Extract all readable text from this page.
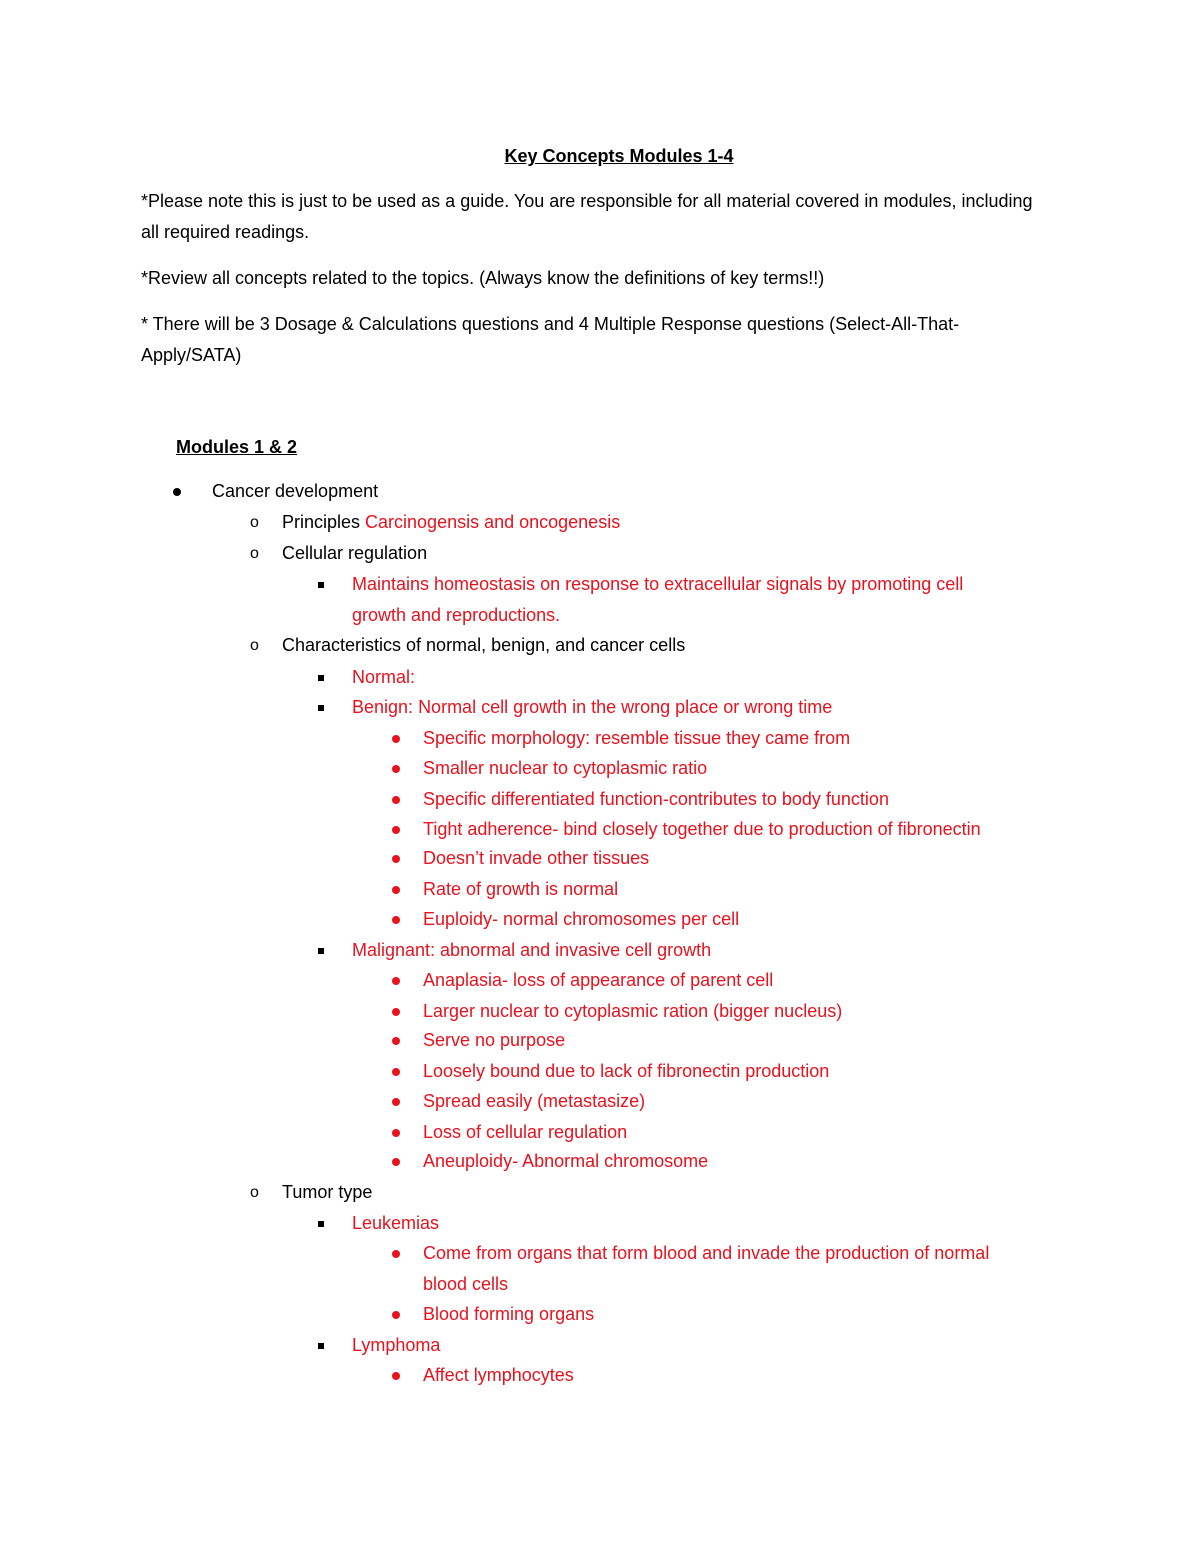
Key Concepts Modules 1-4

*Please note this is just to be used as a guide. You are responsible for all material covered in modules, including all required readings.

*Review all concepts related to the topics. (Always know the definitions of key terms!!)

* There will be 3 Dosage & Calculations questions and 4 Multiple Response questions (Select-All-That-Apply/SATA)

Modules 1 & 2
Cancer development
o Principles Carcinogensis and oncogenesis
o Cellular regulation
Maintains homeostasis on response to extracellular signals by promoting cell
growth and reproductions.
o Characteristics of normal, benign, and cancer cells
Normal:
Benign: Normal cell growth in the wrong place or wrong time
Specific morphology: resemble tissue they came from
Smaller nuclear to cytoplasmic ratio
Specific differentiated function-contributes to body function
Tight adherence- bind closely together due to production of fibronectin
Doesn’t invade other tissues
Rate of growth is normal
Euploidy- normal chromosomes per cell
Malignant: abnormal and invasive cell growth
Anaplasia- loss of appearance of parent cell
Larger nuclear to cytoplasmic ration (bigger nucleus)
Serve no purpose
Loosely bound due to lack of fibronectin production
Spread easily (metastasize)
Loss of cellular regulation
Aneuploidy- Abnormal chromosome
o Tumor type
Leukemias
Come from organs that form blood and invade the production of normal
blood cells
Blood forming organs
Lymphoma
Affect lymphocytes
